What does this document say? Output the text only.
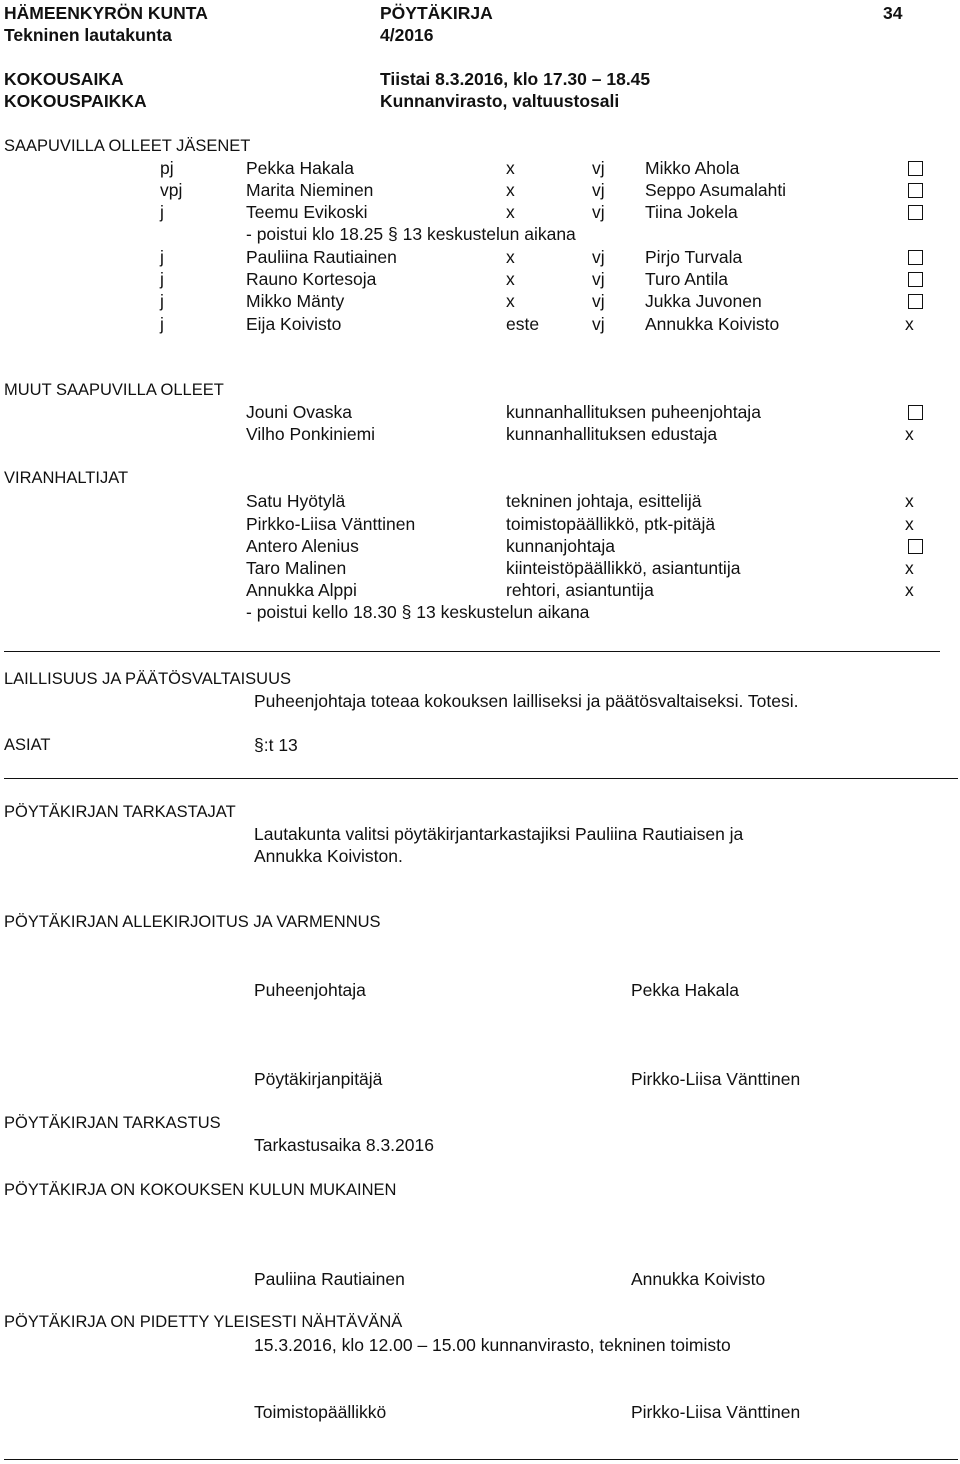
HÄMEENKYRÖN KUNTA	PÖYTÄKIRJA	34
Tekninen lautakunta	4/2016
KOKOUSAIKA	Tiistai 8.3.2016, klo 17.30 – 18.45
KOKOUSPAIKKA	Kunnanvirasto, valtuustosali
SAAPUVILLA OLLEET JÄSENET
pj	Pekka Hakala	x	vj Mikko Ahola
vpj	Marita Nieminen	x	vj Seppo Asumalahti
j	Teemu Evikoski	x	vj Tiina Jokela
- poistui klo 18.25 § 13 keskustelun aikana
j	Pauliina Rautiainen	x	vj Pirjo Turvala
j	Rauno Kortesoja	x	vj Turo Antila
j	Mikko Mänty	x	vj Jukka Juvonen
j	Eija Koivisto	este	vj Annukka Koivisto	x
MUUT SAAPUVILLA OLLEET
Jouni Ovaska	kunnanhallituksen puheenjohtaja
Vilho Ponkiniemi	kunnanhallituksen edustaja	x
VIRANHALTIJAT
Satu Hyötylä	tekninen johtaja, esittelijä	x
Pirkko-Liisa Vänttinen	toimistopäällikkö, ptk-pitäjä	x
Antero Alenius	kunnanjohtaja
Taro Malinen	kiinteistöpäällikkö, asiantuntija	x
Annukka Alppi	rehtori, asiantuntija	x
- poistui kello 18.30 § 13 keskustelun aikana
LAILLISUUS JA PÄÄTÖSVALTAISUUS
Puheenjohtaja toteaa kokouksen lailliseksi ja päätösvaltaiseksi. Totesi.
ASIAT	§:t 13
PÖYTÄKIRJAN TARKASTAJAT
Lautakunta valitsi pöytäkirjantarkastajiksi Pauliina Rautiaisen ja
Annukka Koiviston.
PÖYTÄKIRJAN ALLEKIRJOITUS JA VARMENNUS
Puheenjohtaja	Pekka Hakala
Pöytäkirjanpitäjä	Pirkko-Liisa Vänttinen
PÖYTÄKIRJAN TARKASTUS
Tarkastusaika 8.3.2016
PÖYTÄKIRJA ON KOKOUKSEN KULUN MUKAINEN
Pauliina Rautiainen	Annukka Koivisto
PÖYTÄKIRJA ON PIDETTY YLEISESTI NÄHTÄVÄNÄ
15.3.2016, klo 12.00 – 15.00 kunnanvirasto, tekninen toimisto
Toimistopäällikkö	Pirkko-Liisa Vänttinen
